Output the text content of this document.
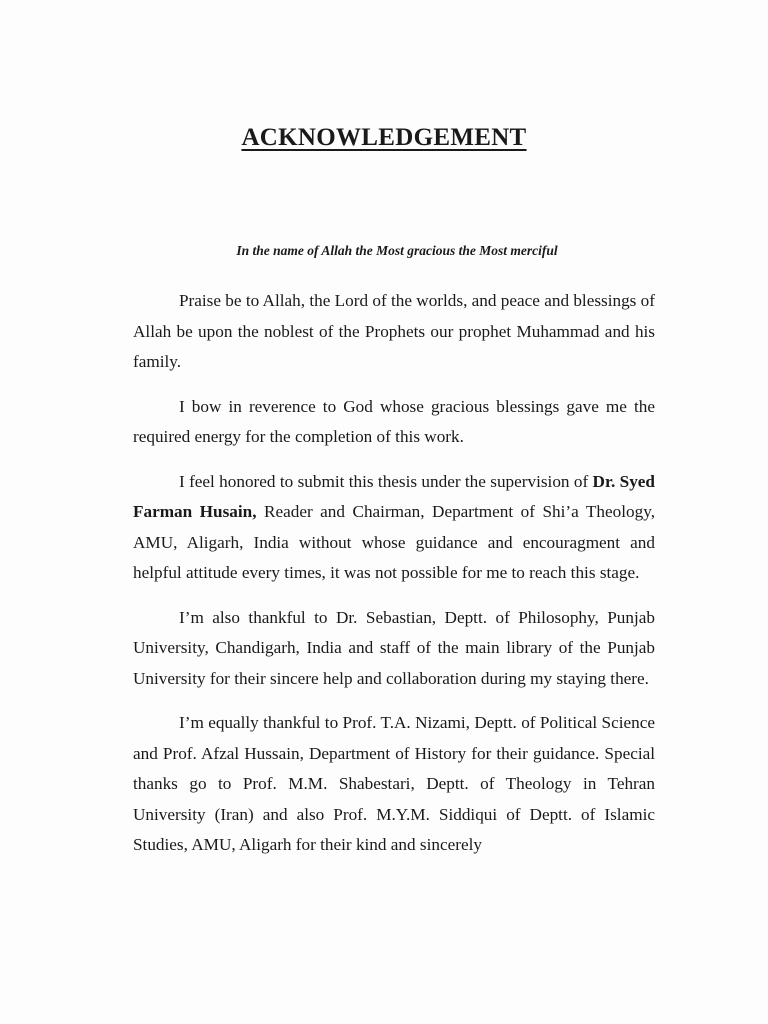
ACKNOWLEDGEMENT
In the name of Allah the Most gracious the Most merciful

Praise be to Allah, the Lord of the worlds, and peace and blessings of Allah be upon the noblest of the Prophets our prophet Muhammad and his family.

I bow in reverence to God whose gracious blessings gave me the required energy for the completion of this work.

I feel honored to submit this thesis under the supervision of Dr. Syed Farman Husain, Reader and Chairman, Department of Shi’a Theology, AMU, Aligarh, India without whose guidance and encouragment and helpful attitude every times, it was not possible for me to reach this stage.

I’m also thankful to Dr. Sebastian, Deptt. of Philosophy, Punjab University, Chandigarh, India and staff of the main library of the Punjab University for their sincere help and collaboration during my staying there.

I’m equally thankful to Prof. T.A. Nizami, Deptt. of Political Science and Prof. Afzal Hussain, Department of History for their guidance. Special thanks go to Prof. M.M. Shabestari, Deptt. of Theology in Tehran University (Iran) and also Prof. M.Y.M. Siddiqui of Deptt. of Islamic Studies, AMU, Aligarh for their kind and sincerely
